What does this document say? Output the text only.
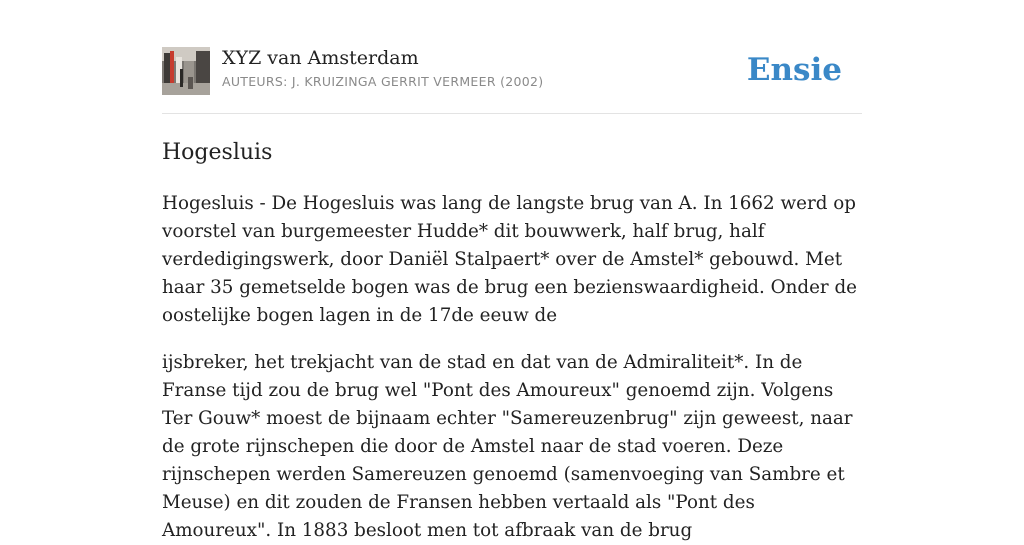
XYZ van Amsterdam
AUTEURS: J. KRUIZINGA GERRIT VERMEER (2002)	Ensie
Hogesluis

Hogesluis - De Hogesluis was lang de langste brug van A. In 1662 werd op voorstel van burgemeester Hudde* dit bouwwerk, half brug, half verdedigingswerk, door Daniël Stalpaert* over de Amstel* gebouwd. Met haar 35 gemetselde bogen was de brug een bezienswaardigheid. Onder de oostelijke bogen lagen in de 17de eeuw de

ijsbreker, het trekjacht van de stad en dat van de Admiraliteit*. In de Franse tijd zou de brug wel "Pont des Amoureux" genoemd zijn. Volgens Ter Gouw* moest de bijnaam echter "Samereuzenbrug" zijn geweest, naar de grote rijnschepen die door de Amstel naar de stad voeren. Deze rijnschepen werden Samereuzen genoemd (samenvoeging van Sambre et Meuse) en dit zouden de Fransen hebben vertaald als "Pont des Amoureux". In 1883 besloot men tot afbraak van de brug
